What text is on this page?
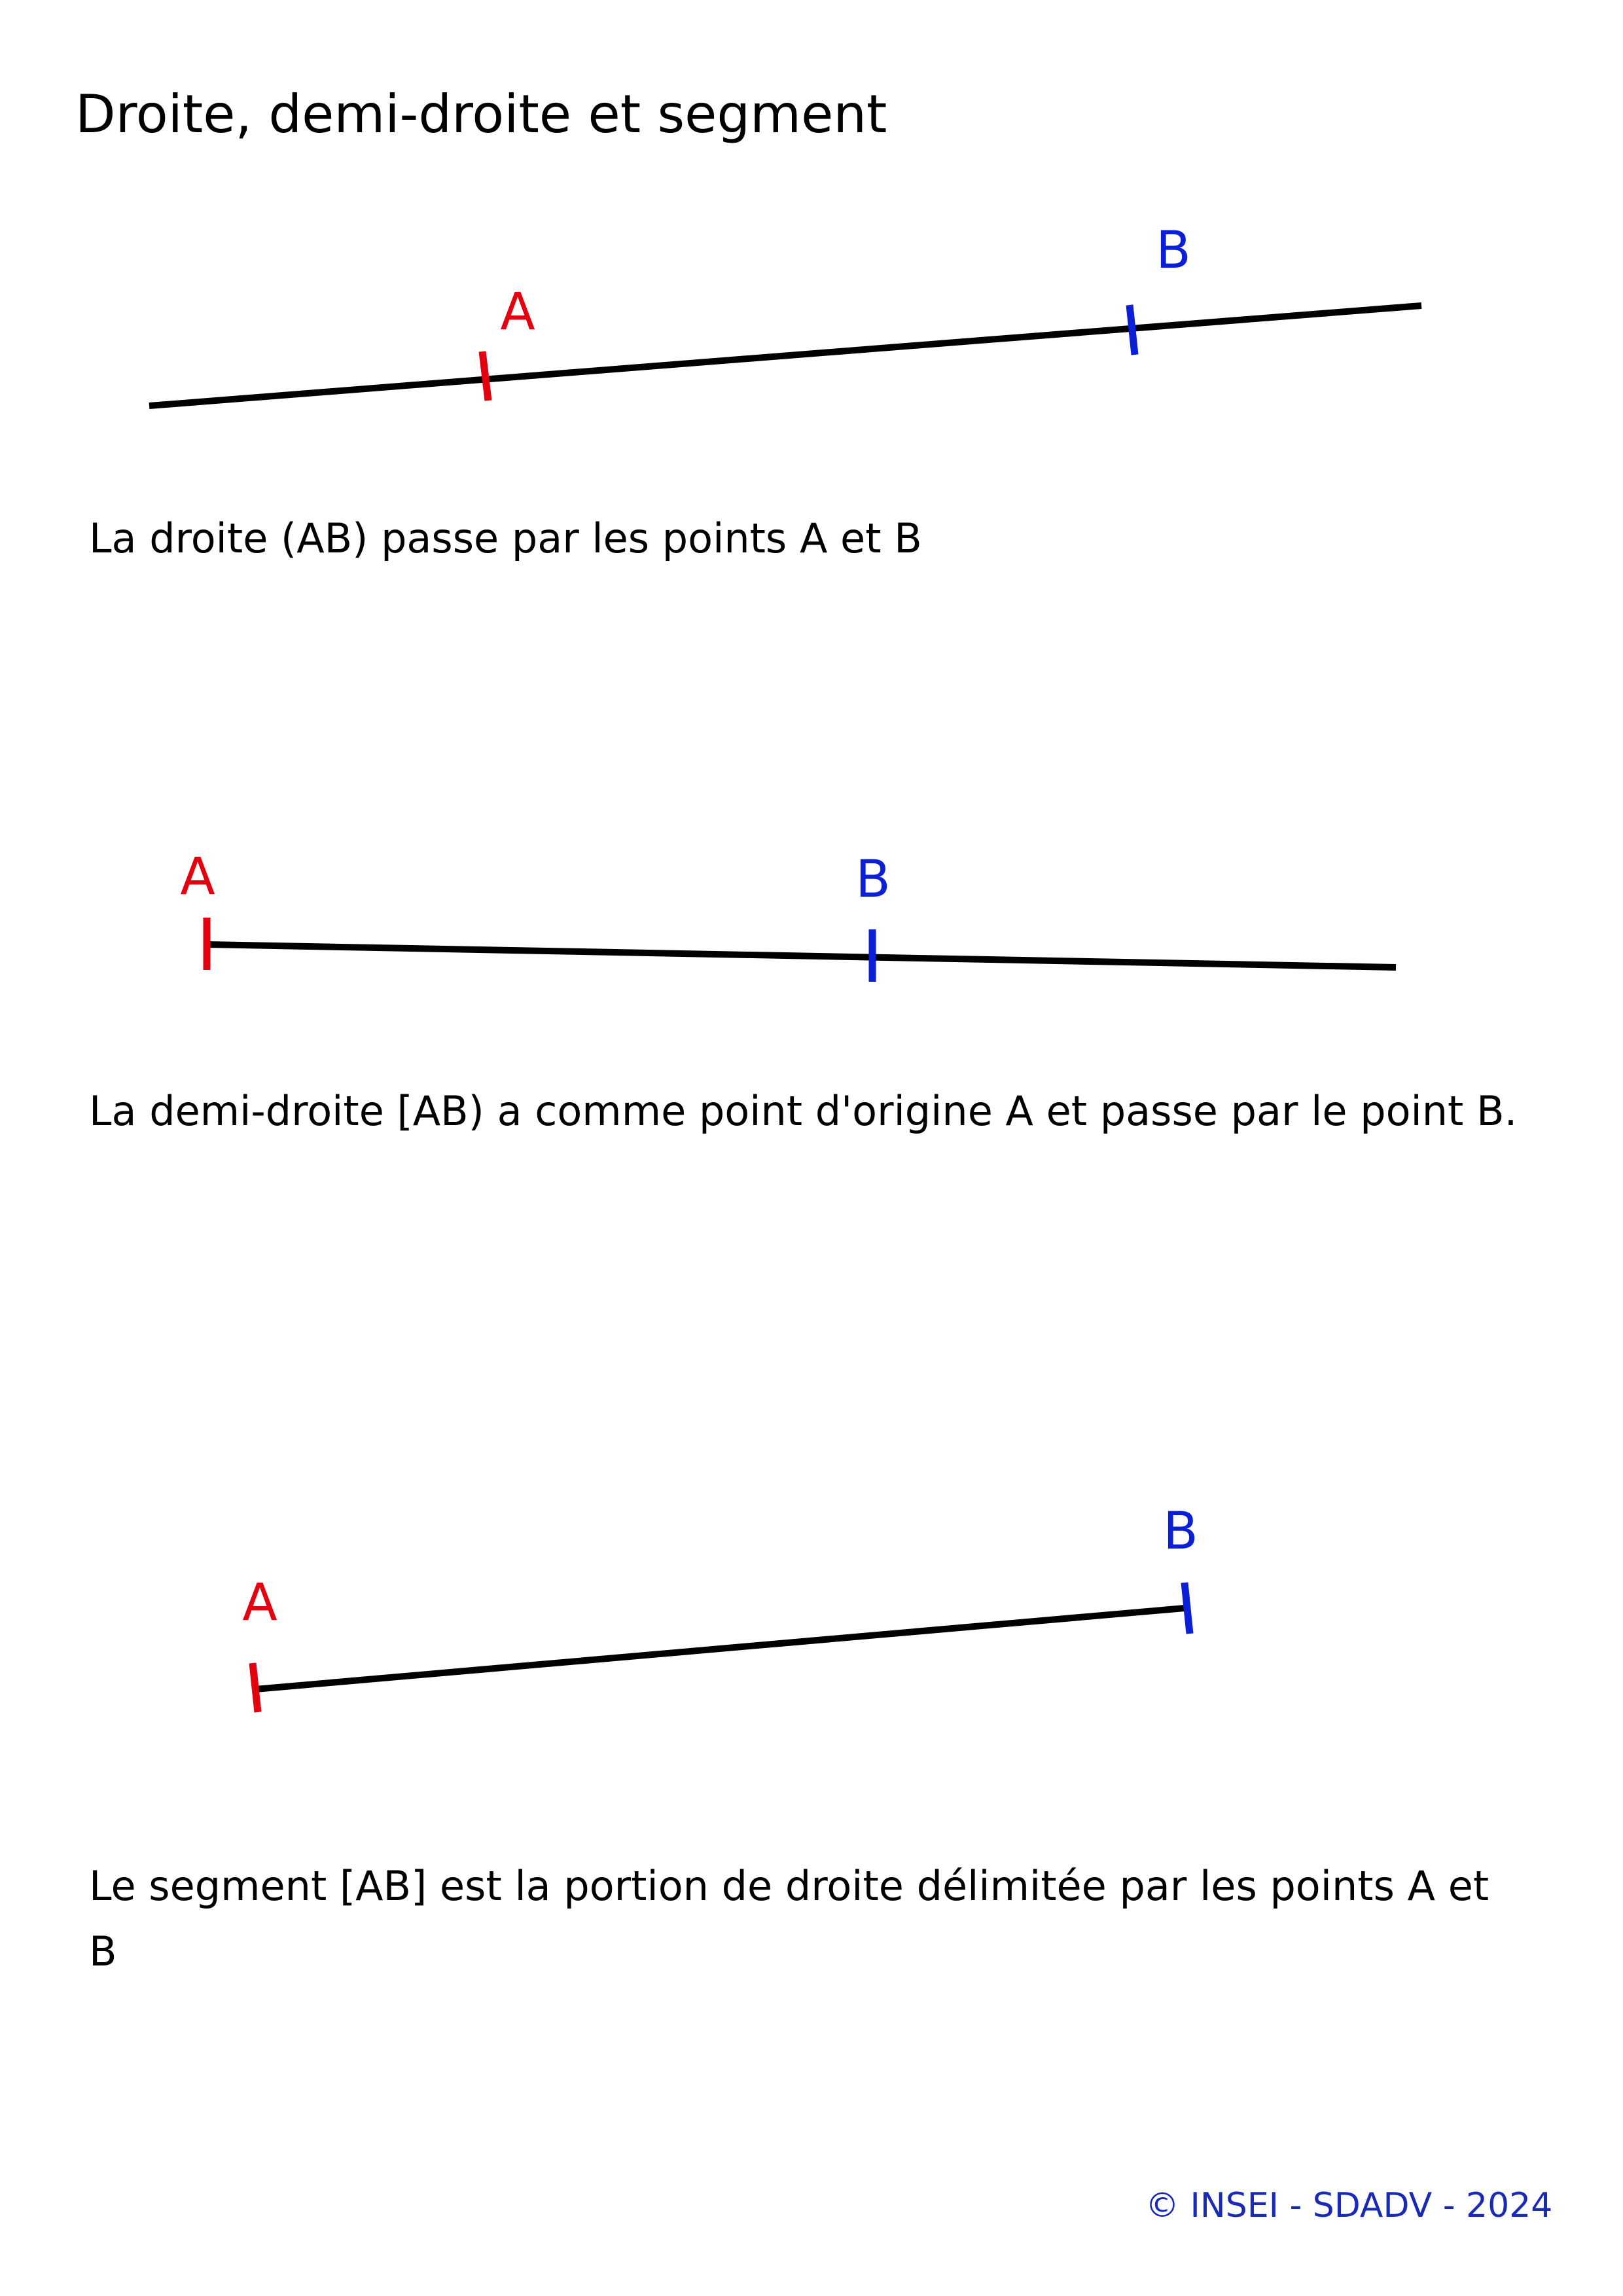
Droite, demi-droite et segment
A
B
A	B
A
B

La droite (AB) passe par les points A et B

La demi-droite [AB) a comme point d'origine A et passe par le point B.

Le segment [AB] est la portion de droite délimitée par les points A et B

© INSEI - SDADV - 2024
